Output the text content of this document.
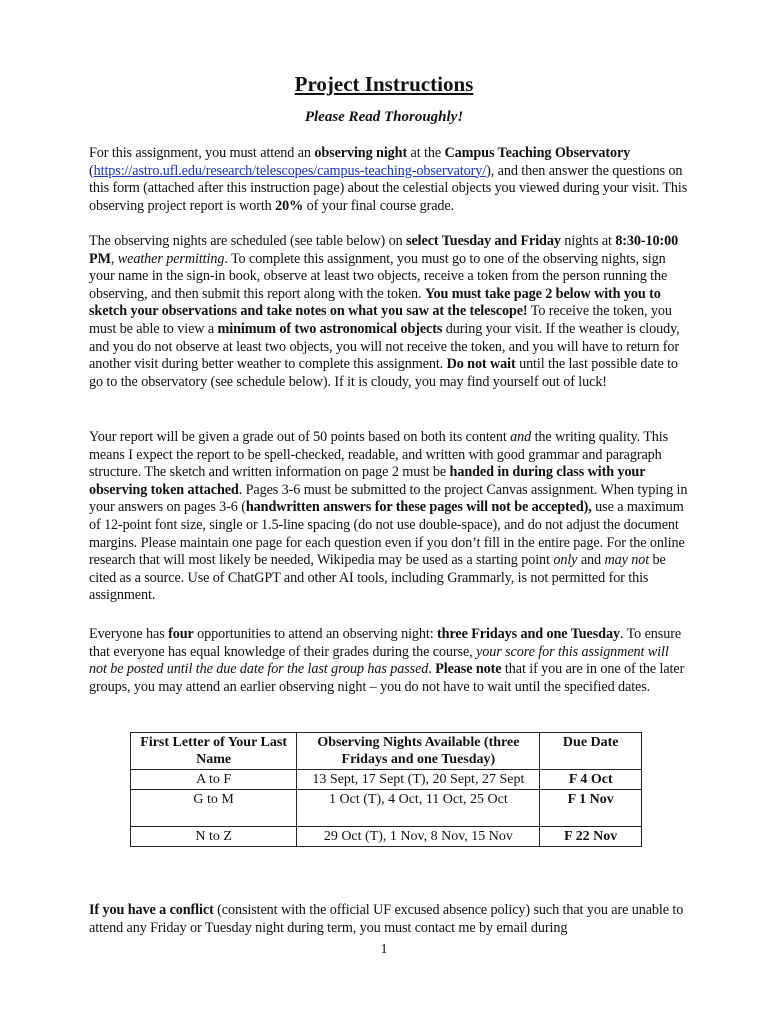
Project Instructions
Please Read Thoroughly!

For this assignment, you must attend an observing night at the Campus Teaching Observatory (https://astro.ufl.edu/research/telescopes/campus-teaching-observatory/), and then answer the questions on this form (attached after this instruction page) about the celestial objects you viewed during your visit. This observing project report is worth 20% of your final course grade.

The observing nights are scheduled (see table below) on select Tuesday and Friday nights at 8:30-10:00 PM, weather permitting. To complete this assignment, you must go to one of the observing nights, sign your name in the sign-in book, observe at least two objects, receive a token from the person running the observing, and then submit this report along with the token. You must take page 2 below with you to sketch your observations and take notes on what you saw at the telescope! To receive the token, you must be able to view a minimum of two astronomical objects during your visit. If the weather is cloudy, and you do not observe at least two objects, you will not receive the token, and you will have to return for another visit during better weather to complete this assignment. Do not wait until the last possible date to go to the observatory (see schedule below). If it is cloudy, you may find yourself out of luck!

Your report will be given a grade out of 50 points based on both its content and the writing quality. This means I expect the report to be spell-checked, readable, and written with good grammar and paragraph structure. The sketch and written information on page 2 must be handed in during class with your observing token attached. Pages 3-6 must be submitted to the project Canvas assignment. When typing in your answers on pages 3-6 (handwritten answers for these pages will not be accepted), use a maximum of 12-point font size, single or 1.5-line spacing (do not use double-space), and do not adjust the document margins. Please maintain one page for each question even if you don’t fill in the entire page. For the online research that will most likely be needed, Wikipedia may be used as a starting point only and may not be cited as a source. Use of ChatGPT and other AI tools, including Grammarly, is not permitted for this assignment.

Everyone has four opportunities to attend an observing night: three Fridays and one Tuesday. To ensure that everyone has equal knowledge of their grades during the course, your score for this assignment will not be posted until the due date for the last group has passed. Please note that if you are in one of the later groups, you may attend an earlier observing night – you do not have to wait until the specified dates.

First Letter of Your Last Name	Observing Nights Available (three Fridays and one Tuesday)	Due Date
A to F	13 Sept, 17 Sept (T), 20 Sept, 27 Sept	F 4 Oct
G to M	1 Oct (T), 4 Oct, 11 Oct, 25 Oct	F 1 Nov
N to Z	29 Oct (T), 1 Nov, 8 Nov, 15 Nov	F 22 Nov

If you have a conflict (consistent with the official UF excused absence policy) such that you are unable to attend any Friday or Tuesday night during term, you must contact me by email during

1
